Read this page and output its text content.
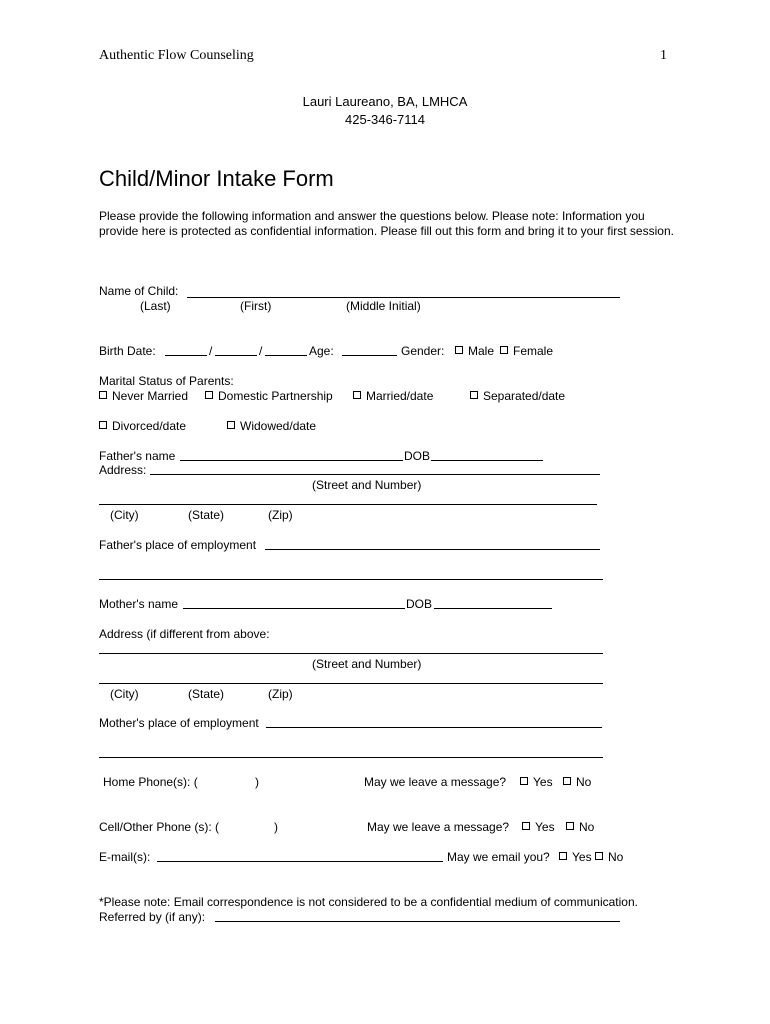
Authentic Flow Counseling	1
Lauri Laureano, BA, LMHCA
425-346-7114
Child/Minor Intake Form
Please provide the following information and answer the questions below. Please note: Information you provide here is protected as confidential information. Please fill out this form and bring it to your first session.
Name of Child:
(Last)	(First)	(Middle Initial)
Birth Date:	/	/	Age:	Gender:	Male	Female
Marital Status of Parents:
Never Married	Domestic Partnership	Married/date	Separated/date
Divorced/date	Widowed/date
Father's name	DOB
Address:
(Street and Number)
(City)	(State)	(Zip)
Father's place of employment
Mother's name	DOB
Address (if different from above:
(Street and Number)
(City)	(State)	(Zip)
Mother's place of employment
Home Phone(s): (	)	May we leave a message?	Yes	No
Cell/Other Phone (s): (	)	May we leave a message?	Yes	No
E-mail(s):	May we email you?	Yes	No
*Please note: Email correspondence is not considered to be a confidential medium of communication.
Referred by (if any):
